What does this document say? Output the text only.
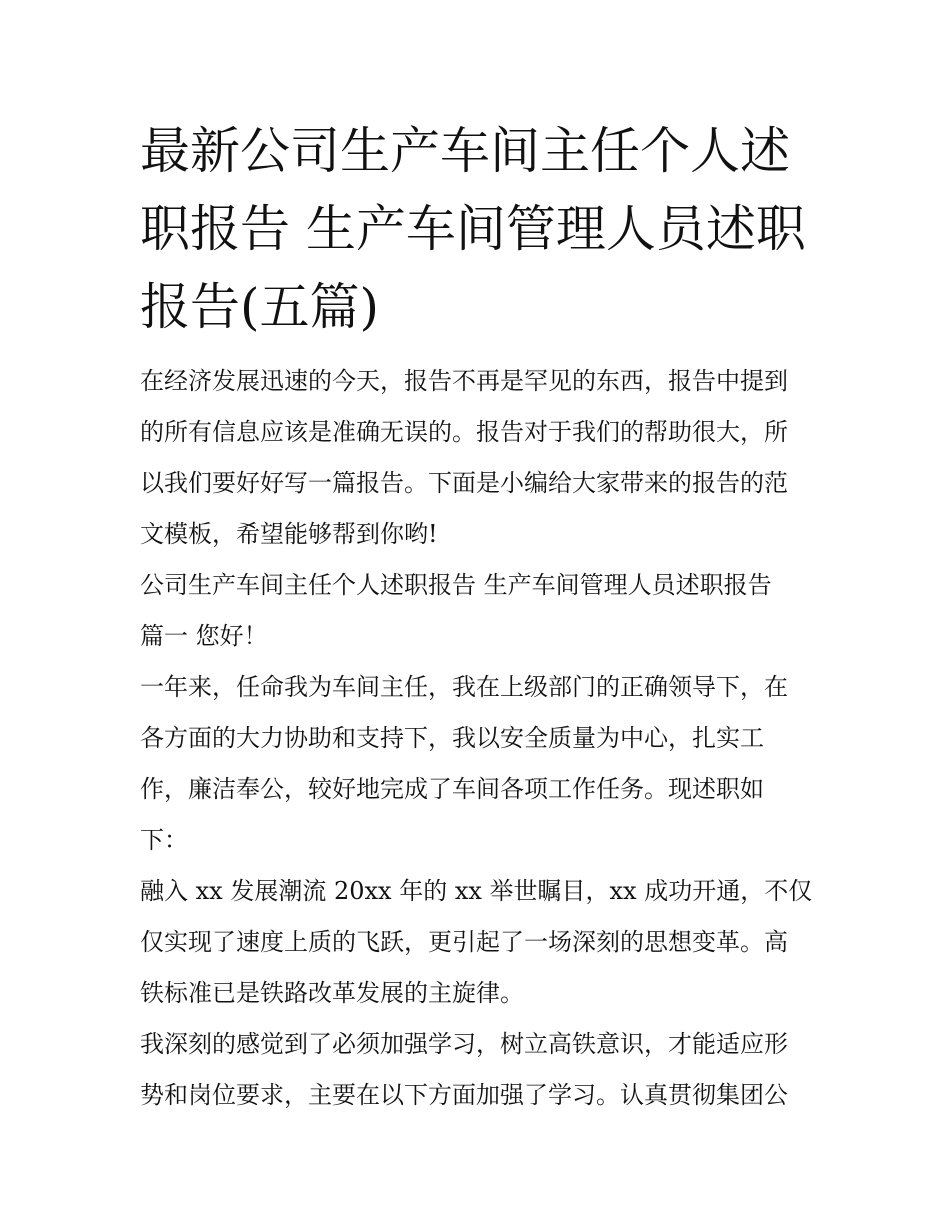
最新公司生产车间主任个人述
职报告 生产车间管理人员述职
报告(五篇)
在经济发展迅速的今天，报告不再是罕见的东西，报告中提到
的所有信息应该是准确无误的。报告对于我们的帮助很大，所
以我们要好好写一篇报告。下面是小编给大家带来的报告的范
文模板，希望能够帮到你哟!
公司生产车间主任个人述职报告 生产车间管理人员述职报告
篇一 您好！
一年来，任命我为车间主任，我在上级部门的正确领导下，在
各方面的大力协助和支持下，我以安全质量为中心，扎实工
作，廉洁奉公，较好地完成了车间各项工作任务。现述职如
下：
融入 xx 发展潮流 20xx 年的 xx 举世瞩目，xx 成功开通，不仅
仅实现了速度上质的飞跃，更引起了一场深刻的思想变革。高
铁标准已是铁路改革发展的主旋律。
我深刻的感觉到了必须加强学习，树立高铁意识，才能适应形
势和岗位要求，主要在以下方面加强了学习。认真贯彻集团公
